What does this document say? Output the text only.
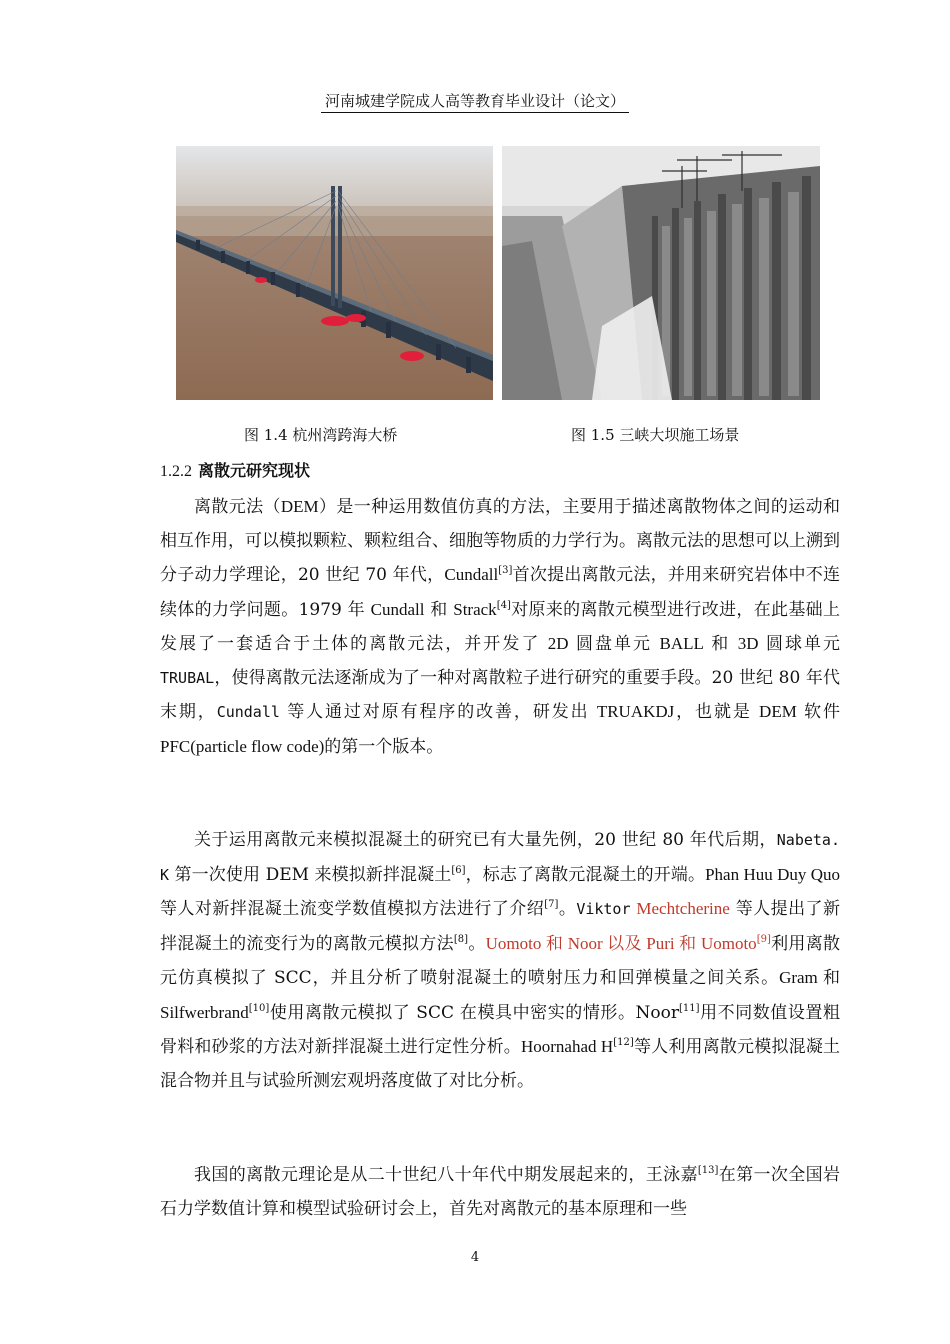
河南城建学院成人高等教育毕业设计（论文）
图 1.4 杭州湾跨海大桥	图 1.5 三峡大坝施工场景
1.2.2 离散元研究现状

离散元法（DEM）是一种运用数值仿真的方法，主要用于描述离散物体之间的运动和相互作用，可以模拟颗粒、颗粒组合、细胞等物质的力学行为。离散元法的思想可以上溯到分子动力学理论，20 世纪 70 年代，Cundall[3]首次提出离散元法，并用来研究岩体中不连续体的力学问题。1979 年 Cundall 和 Strack[4]对原来的离散元模型进行改进，在此基础上发展了一套适合于土体的离散元法，并开发了 2D 圆盘单元 BALL 和 3D 圆球单元 TRUBAL，使得离散元法逐渐成为了一种对离散粒子进行研究的重要手段。20 世纪 80 年代末期，Cundall 等人通过对原有程序的改善，研发出 TRUAKDJ，也就是 DEM 软件 PFC(particle flow code)的第一个版本。

关于运用离散元来模拟混凝土的研究已有大量先例，20 世纪 80 年代后期，Nabeta. K 第一次使用 DEM 来模拟新拌混凝土[6]，标志了离散元混凝土的开端。Phan Huu Duy Quo 等人对新拌混凝土流变学数值模拟方法进行了介绍[7]。Viktor Mechtcherine 等人提出了新拌混凝土的流变行为的离散元模拟方法[8]。Uomoto 和 Noor 以及 Puri 和 Uomoto[9]利用离散元仿真模拟了 SCC，并且分析了喷射混凝土的喷射压力和回弹模量之间关系。Gram 和 Silfwerbrand[10]使用离散元模拟了 SCC 在模具中密实的情形。Noor[11]用不同数值设置粗骨料和砂浆的方法对新拌混凝土进行定性分析。Hoornahad H[12]等人利用离散元模拟混凝土混合物并且与试验所测宏观坍落度做了对比分析。

我国的离散元理论是从二十世纪八十年代中期发展起来的，王泳嘉[13]在第一次全国岩石力学数值计算和模型试验研讨会上，首先对离散元的基本原理和一些

4
